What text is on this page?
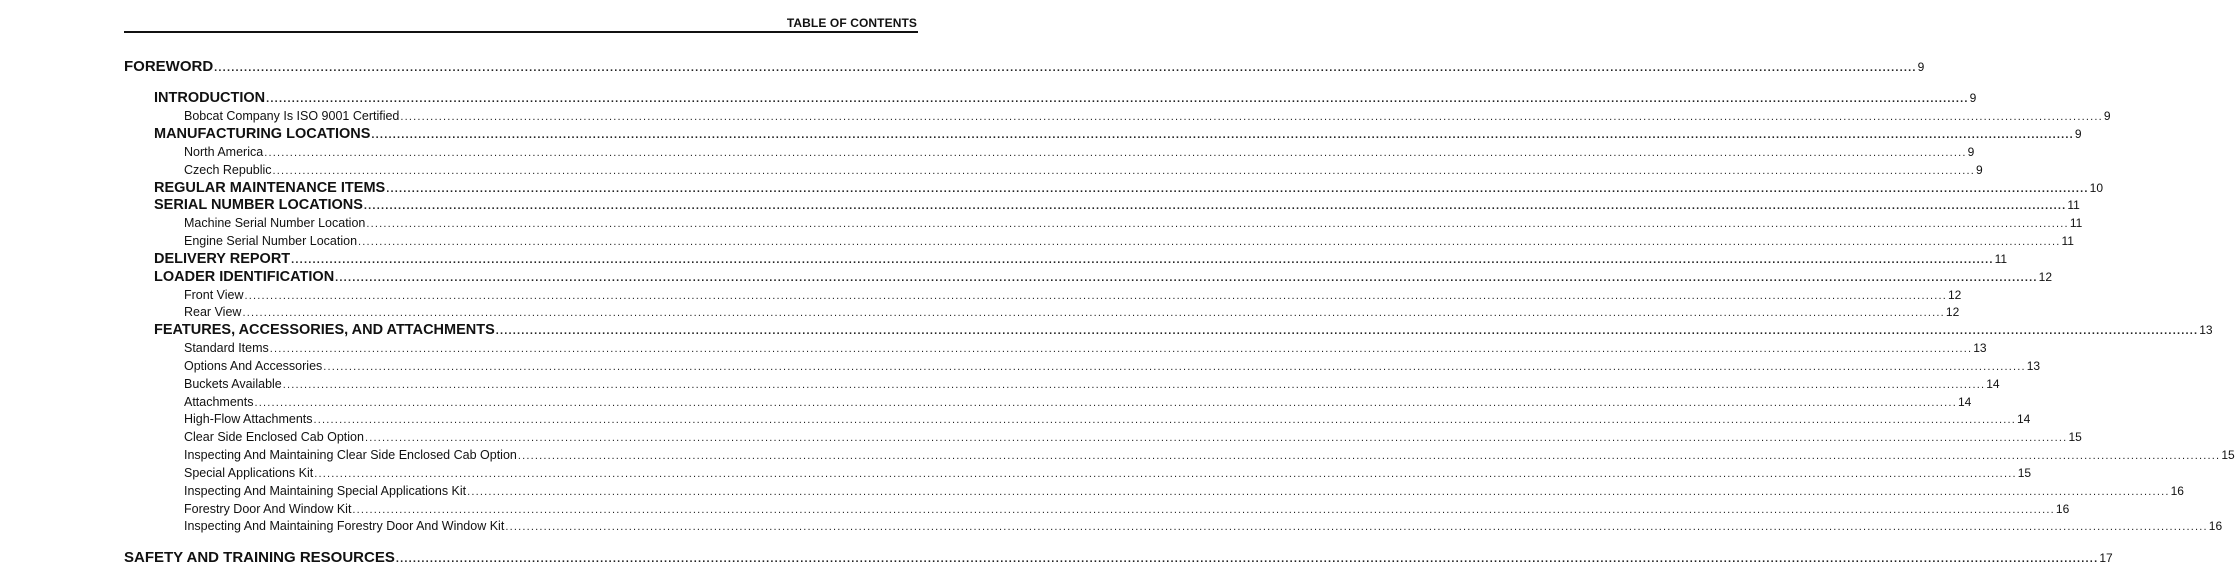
TABLE OF CONTENTS
FOREWORD ................................................................................................................................................................................................................................................................................................................................................................................................................ 9
INTRODUCTION ................................................................................................................................................................................................................................................................................................................................................................................................................ 9
Bobcat Company Is ISO 9001 Certified ................................................................................................................................................................................................................................................................................................................................................................................................................ 9
MANUFACTURING LOCATIONS ................................................................................................................................................................................................................................................................................................................................................................................................................ 9
North America ................................................................................................................................................................................................................................................................................................................................................................................................................ 9
Czech Republic ................................................................................................................................................................................................................................................................................................................................................................................................................ 9
REGULAR MAINTENANCE ITEMS ................................................................................................................................................................................................................................................................................................................................................................................................................ 10
SERIAL NUMBER LOCATIONS ................................................................................................................................................................................................................................................................................................................................................................................................................ 11
Machine Serial Number Location ................................................................................................................................................................................................................................................................................................................................................................................................................ 11
Engine Serial Number Location ................................................................................................................................................................................................................................................................................................................................................................................................................ 11
DELIVERY REPORT ................................................................................................................................................................................................................................................................................................................................................................................................................ 11
LOADER IDENTIFICATION ................................................................................................................................................................................................................................................................................................................................................................................................................ 12
Front View ................................................................................................................................................................................................................................................................................................................................................................................................................ 12
Rear View ................................................................................................................................................................................................................................................................................................................................................................................................................ 12
FEATURES, ACCESSORIES, AND ATTACHMENTS ................................................................................................................................................................................................................................................................................................................................................................................................................ 13
Standard Items ................................................................................................................................................................................................................................................................................................................................................................................................................ 13
Options And Accessories ................................................................................................................................................................................................................................................................................................................................................................................................................ 13
Buckets Available ................................................................................................................................................................................................................................................................................................................................................................................................................ 14
Attachments ................................................................................................................................................................................................................................................................................................................................................................................................................ 14
High-Flow Attachments ................................................................................................................................................................................................................................................................................................................................................................................................................ 14
Clear Side Enclosed Cab Option ................................................................................................................................................................................................................................................................................................................................................................................................................ 15
Inspecting And Maintaining Clear Side Enclosed Cab Option ................................................................................................................................................................................................................................................................................................................................................................................................................ 15
Special Applications Kit ................................................................................................................................................................................................................................................................................................................................................................................................................ 15
Inspecting And Maintaining Special Applications Kit ................................................................................................................................................................................................................................................................................................................................................................................................................ 16
Forestry Door And Window Kit ................................................................................................................................................................................................................................................................................................................................................................................................................ 16
Inspecting And Maintaining Forestry Door And Window Kit ................................................................................................................................................................................................................................................................................................................................................................................................................ 16
SAFETY AND TRAINING RESOURCES ................................................................................................................................................................................................................................................................................................................................................................................................................ 17
